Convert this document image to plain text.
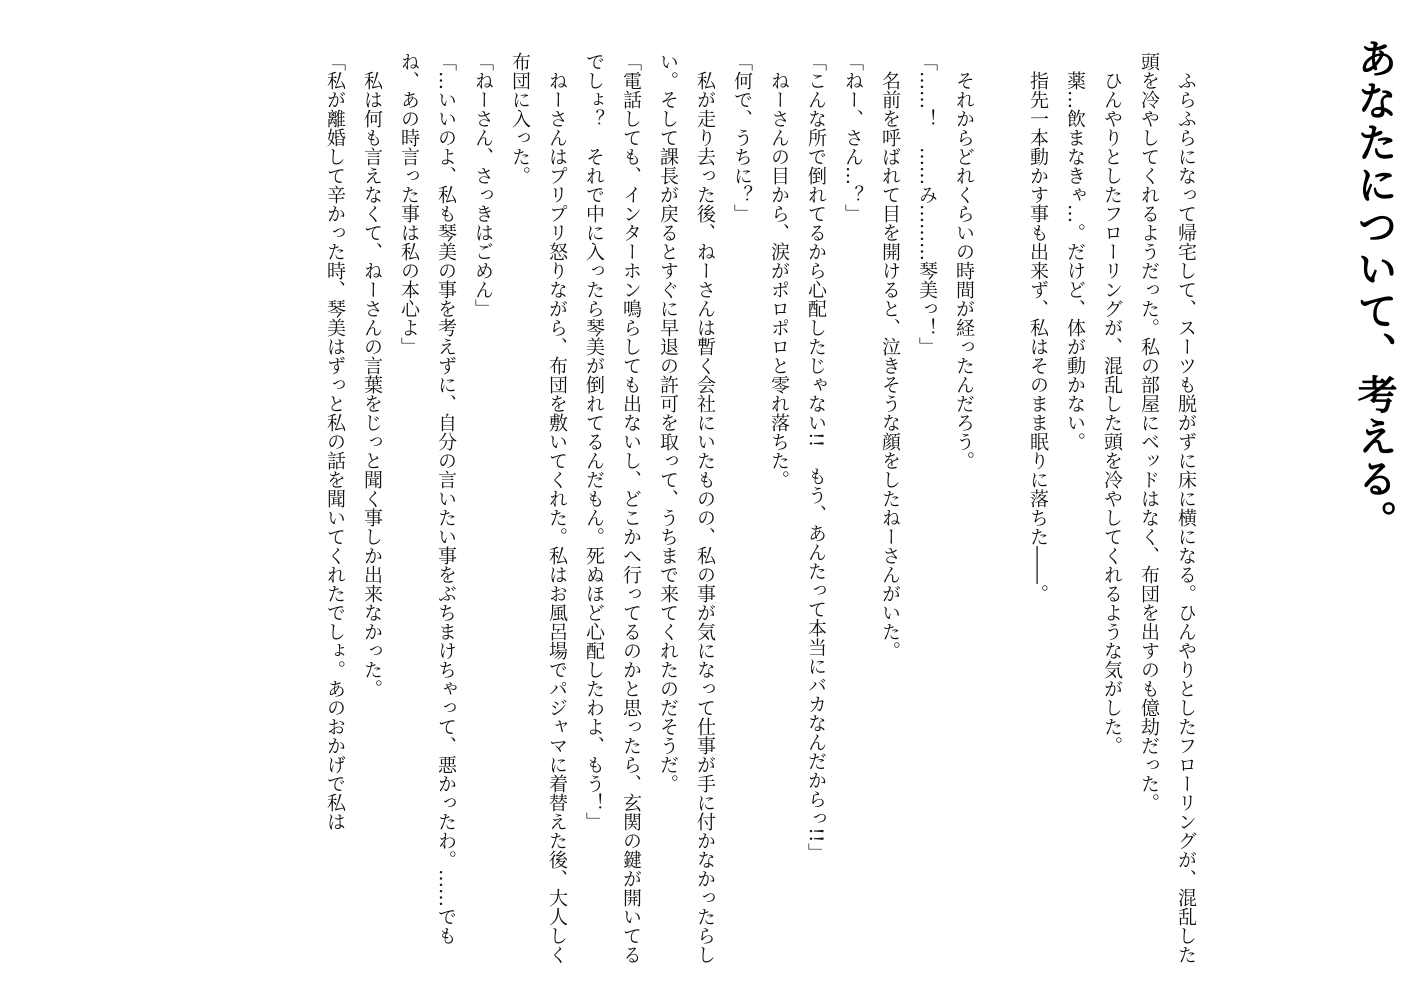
あなたについて、考える。

　ふらふらになって帰宅して、スーツも脱がずに床に横になる。ひんやりとしたフローリングが、混乱した頭を冷やしてくれるようだった。私の部屋にベッドはなく、布団を出すのも億劫だった。

　ひんやりとしたフローリングが、混乱した頭を冷やしてくれるような気がした。

　薬…飲まなきゃ…。だけど、体が動かない。

　指先一本動かす事も出来ず、私はそのまま眠りに落ちた――。

　それからどれくらいの時間が経ったんだろう。

「……！　……み………琴美っ！」

　名前を呼ばれて目を開けると、泣きそうな顔をしたねーさんがいた。

「ねー、さん…？」

「こんな所で倒れてるから心配したじゃない!!　もう、あんたって本当にバカなんだからっ!!」

　ねーさんの目から、涙がポロポロと零れ落ちた。

「何で、うちに？」

　私が走り去った後、ねーさんは暫く会社にいたものの、私の事が気になって仕事が手に付かなかったらしい。そして課長が戻るとすぐに早退の許可を取って、うちまで来てくれたのだそうだ。

「電話しても、インターホン鳴らしても出ないし、どこかへ行ってるのかと思ったら、玄関の鍵が開いてるでしょ？　それで中に入ったら琴美が倒れてるんだもん。死ぬほど心配したわよ、もう！」

　ねーさんはプリプリ怒りながら、布団を敷いてくれた。私はお風呂場でパジャマに着替えた後、大人しく布団に入った。

「ねーさん、さっきはごめん」

「…いいのよ、私も琴美の事を考えずに、自分の言いたい事をぶちまけちゃって、悪かったわ。……でもね、あの時言った事は私の本心よ」

　私は何も言えなくて、ねーさんの言葉をじっと聞く事しか出来なかった。

「私が離婚して辛かった時、琴美はずっと私の話を聞いてくれたでしょ。あのおかげで私は
